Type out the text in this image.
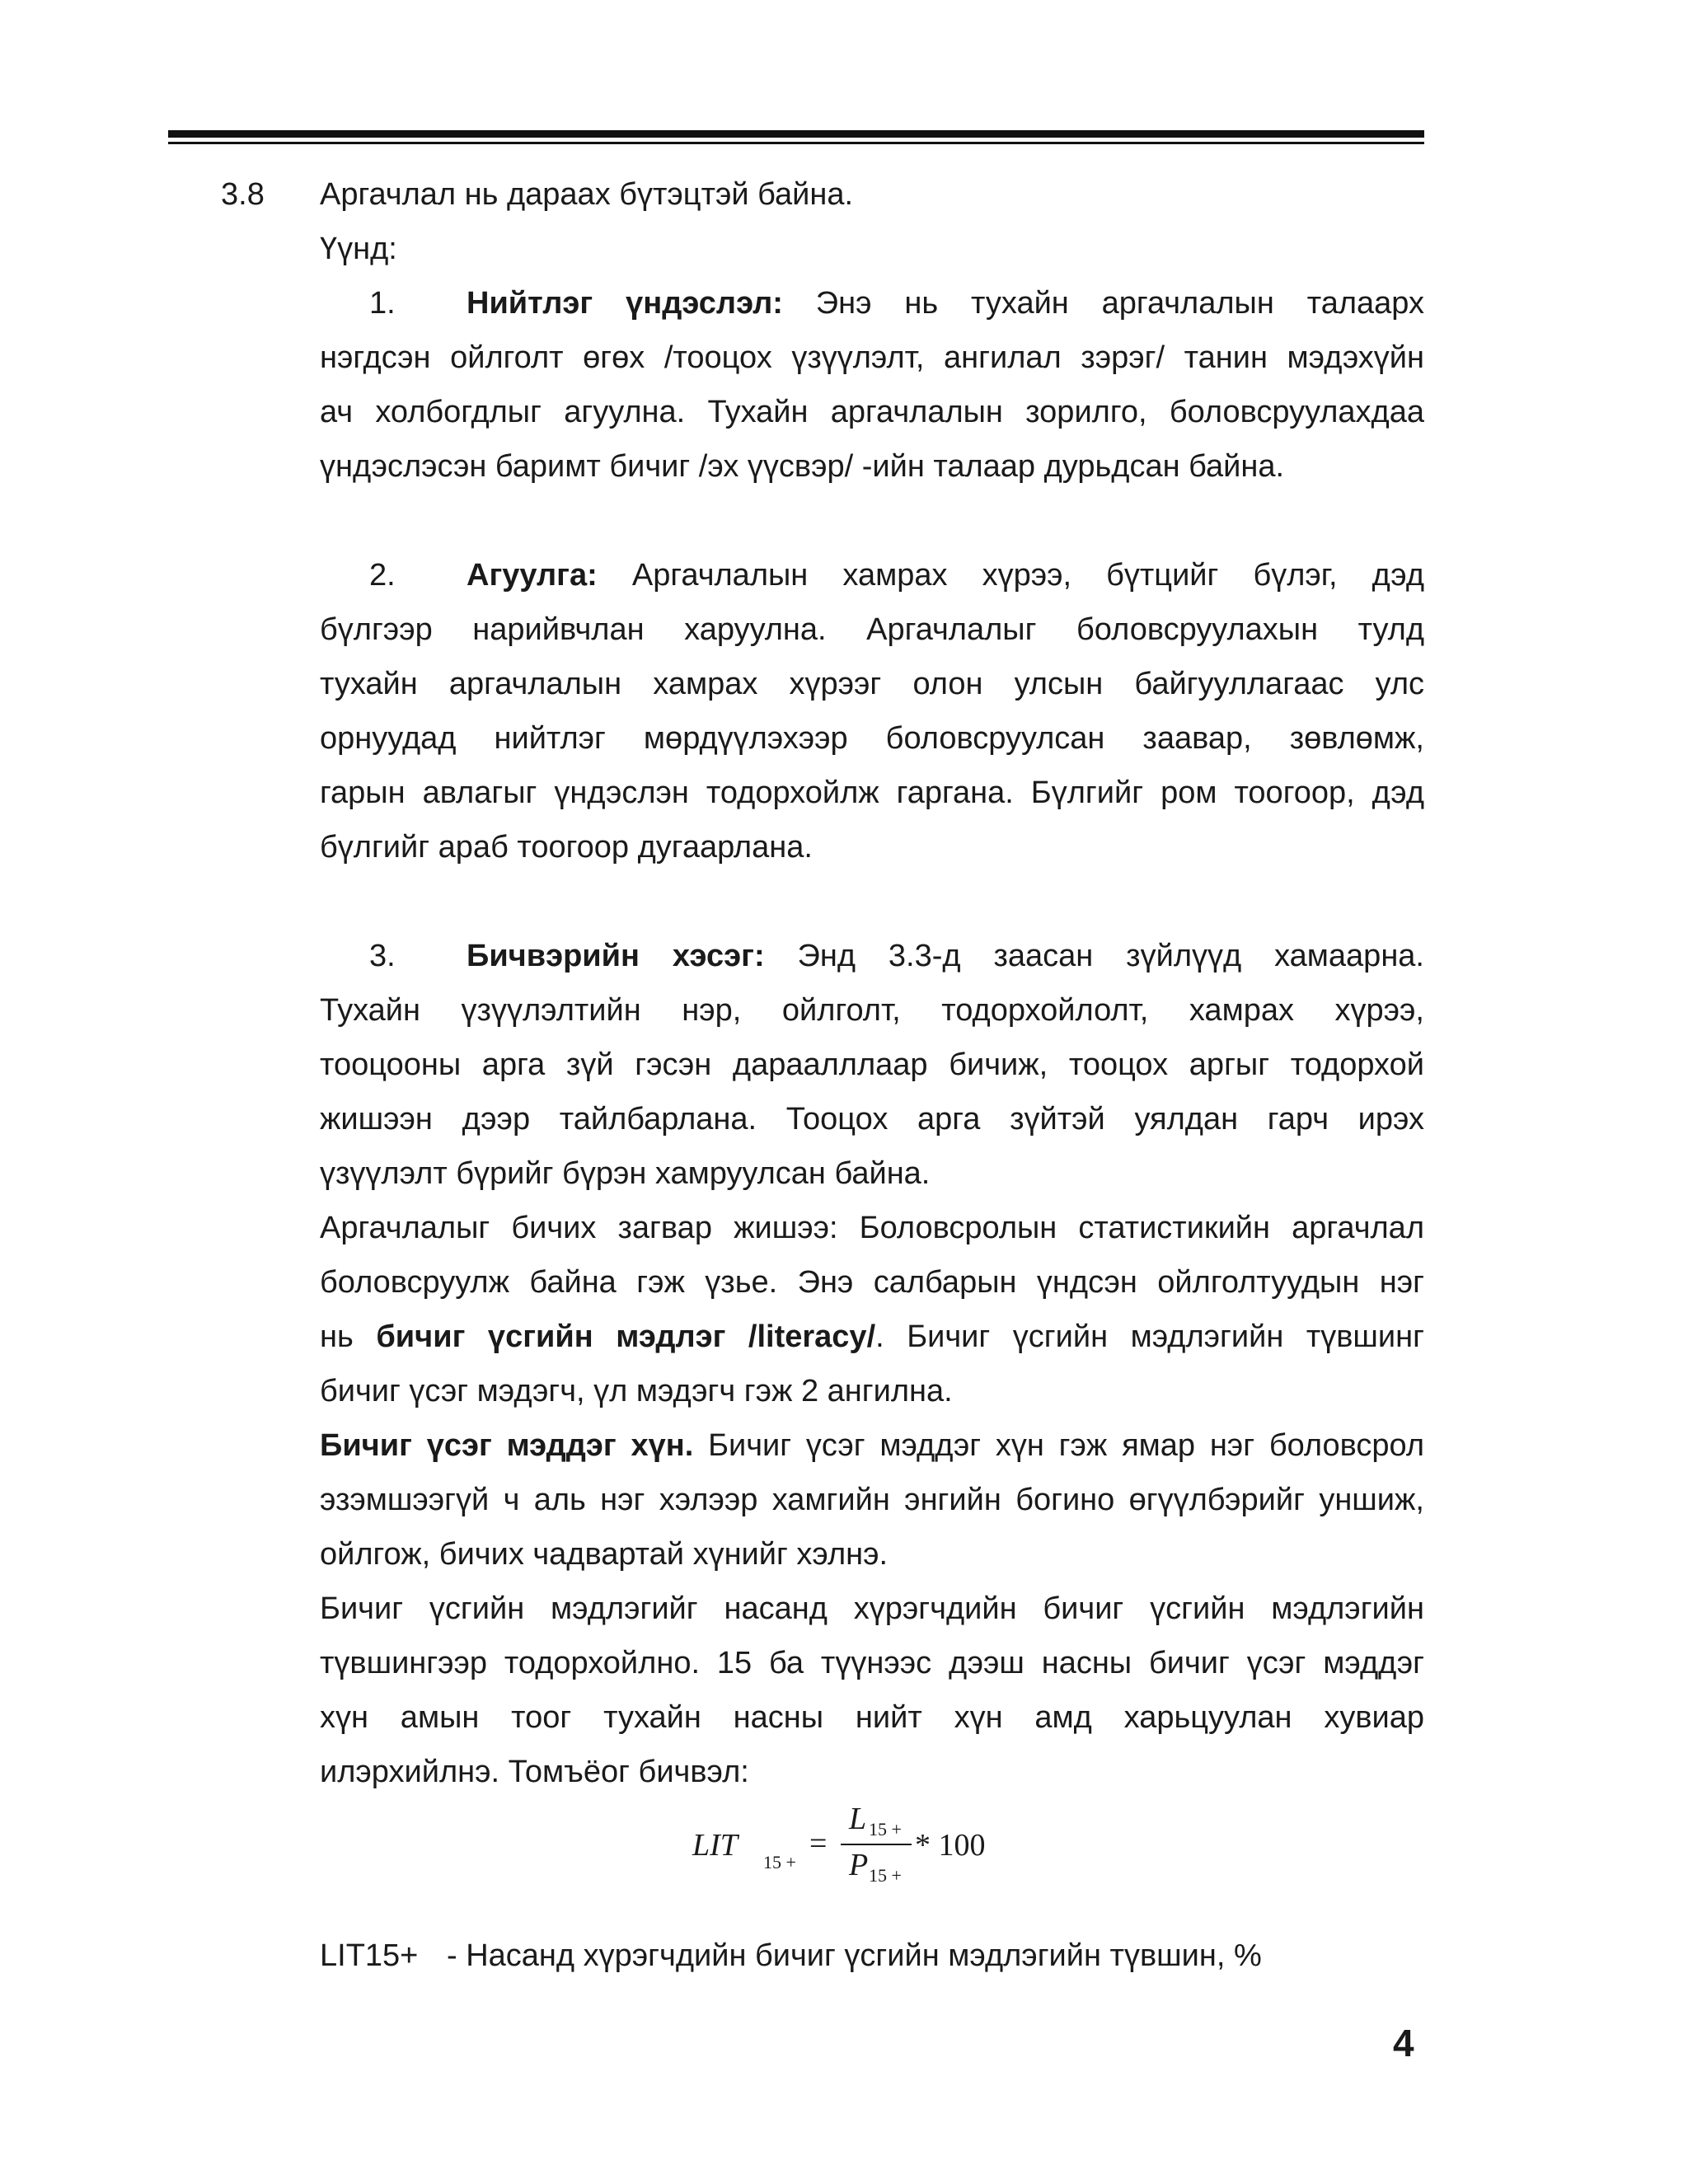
3.8 Аргачлал нь дараах бүтэцтэй байна.
Үүнд:
1. Нийтлэг үндэслэл: Энэ нь тухайн аргачлалын талаарх
нэгдсэн ойлголт өгөх /тооцох үзүүлэлт, ангилал зэрэг/ танин мэдэхүйн
ач холбогдлыг агуулна. Тухайн аргачлалын зорилго, боловсруулахдаа
үндэслэсэн баримт бичиг /эх үүсвэр/ -ийн талаар дурьдсан байна.
2. Агуулга: Аргачлалын хамрах хүрээ, бүтцийг бүлэг, дэд
бүлгээр нарийвчлан харуулна. Аргачлалыг боловсруулахын тулд
тухайн аргачлалын хамрах хүрээг олон улсын байгууллагаас улс
орнуудад нийтлэг мөрдүүлэхээр боловсруулсан заавар, зөвлөмж,
гарын авлагыг үндэслэн тодорхойлж гаргана. Бүлгийг ром тоогоор, дэд
бүлгийг араб тоогоор дугаарлана.
3. Бичвэрийн хэсэг: Энд 3.3-д заасан зүйлүүд хамаарна.
Тухайн үзүүлэлтийн нэр, ойлголт, тодорхойлолт, хамрах хүрээ,
тооцооны арга зүй гэсэн дараалллаар бичиж, тооцох аргыг тодорхой
жишээн дээр тайлбарлана. Тооцох арга зүйтэй уялдан гарч ирэх
үзүүлэлт бүрийг бүрэн хамруулсан байна.
Аргачлалыг бичих загвар жишээ: Боловсролын статистикийн аргачлал
боловсруулж байна гэж үзье. Энэ салбарын үндсэн ойлголтуудын нэг
нь бичиг үсгийн мэдлэг /literacy/. Бичиг үсгийн мэдлэгийн түвшинг
бичиг үсэг мэдэгч, үл мэдэгч гэж 2 ангилна.
Бичиг үсэг мэддэг хүн. Бичиг үсэг мэддэг хүн гэж ямар нэг боловсрол
эзэмшээгүй ч аль нэг хэлээр хамгийн энгийн богино өгүүлбэрийг уншиж,
ойлгож, бичих чадвартай хүнийг хэлнэ.
Бичиг үсгийн мэдлэгийг насанд хүрэгчдийн бичиг үсгийн мэдлэгийн
түвшингээр тодорхойлно. 15 ба түүнээс дээш насны бичиг үсэг мэддэг
хүн амын тоог тухайн насны нийт хүн амд харьцуулан хувиар
илэрхийлнэ. Томъёог бичвэл:
LIT 15 +
=
L 15 +
P 15 +
* 100
LIT15+ - Насанд хүрэгчдийн бичиг үсгийн мэдлэгийн түвшин, %
4
